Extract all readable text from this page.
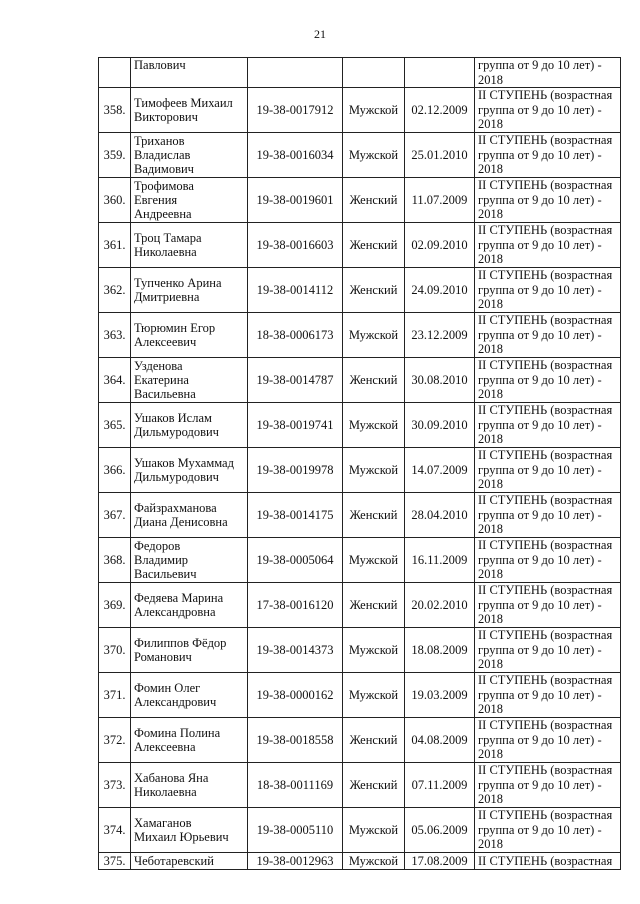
21

	Павлович				группа от 9 до 10 лет) -
2018

358.	Тимофеев Михаил
Викторович	19-38-0017912	Мужской	02.12.2009	II СТУПЕНЬ (возрастная
группа от 9 до 10 лет) -
2018

359.	Триханов
Владислав
Вадимович	19-38-0016034	Мужской	25.01.2010	II СТУПЕНЬ (возрастная
группа от 9 до 10 лет) -
2018

360.	Трофимова
Евгения
Андреевна	19-38-0019601	Женский	11.07.2009	II СТУПЕНЬ (возрастная
группа от 9 до 10 лет) -
2018

361.	Троц Тамара
Николаевна	19-38-0016603	Женский	02.09.2010	II СТУПЕНЬ (возрастная
группа от 9 до 10 лет) -
2018

362.	Тупченко Арина
Дмитриевна	19-38-0014112	Женский	24.09.2010	II СТУПЕНЬ (возрастная
группа от 9 до 10 лет) -
2018

363.	Тюрюмин Егор
Алексеевич	18-38-0006173	Мужской	23.12.2009	II СТУПЕНЬ (возрастная
группа от 9 до 10 лет) -
2018

364.	Узденова
Екатерина
Васильевна	19-38-0014787	Женский	30.08.2010	II СТУПЕНЬ (возрастная
группа от 9 до 10 лет) -
2018

365.	Ушаков Ислам
Дильмуродович	19-38-0019741	Мужской	30.09.2010	II СТУПЕНЬ (возрастная
группа от 9 до 10 лет) -
2018

366.	Ушаков Мухаммад
Дильмуродович	19-38-0019978	Мужской	14.07.2009	II СТУПЕНЬ (возрастная
группа от 9 до 10 лет) -
2018

367.	Файзрахманова
Диана Денисовна	19-38-0014175	Женский	28.04.2010	II СТУПЕНЬ (возрастная
группа от 9 до 10 лет) -
2018

368.	Федоров
Владимир
Васильевич	19-38-0005064	Мужской	16.11.2009	II СТУПЕНЬ (возрастная
группа от 9 до 10 лет) -
2018

369.	Федяева Марина
Александровна	17-38-0016120	Женский	20.02.2010	II СТУПЕНЬ (возрастная
группа от 9 до 10 лет) -
2018

370.	Филиппов Фёдор
Романович	19-38-0014373	Мужской	18.08.2009	II СТУПЕНЬ (возрастная
группа от 9 до 10 лет) -
2018

371.	Фомин Олег
Александрович	19-38-0000162	Мужской	19.03.2009	II СТУПЕНЬ (возрастная
группа от 9 до 10 лет) -
2018

372.	Фомина Полина
Алексеевна	19-38-0018558	Женский	04.08.2009	II СТУПЕНЬ (возрастная
группа от 9 до 10 лет) -
2018

373.	Хабанова Яна
Николаевна	18-38-0011169	Женский	07.11.2009	II СТУПЕНЬ (возрастная
группа от 9 до 10 лет) -
2018

374.	Хамаганов
Михаил Юрьевич	19-38-0005110	Мужской	05.06.2009	II СТУПЕНЬ (возрастная
группа от 9 до 10 лет) -
2018

375.	Чеботаревский	19-38-0012963	Мужской	17.08.2009	II СТУПЕНЬ (возрастная
